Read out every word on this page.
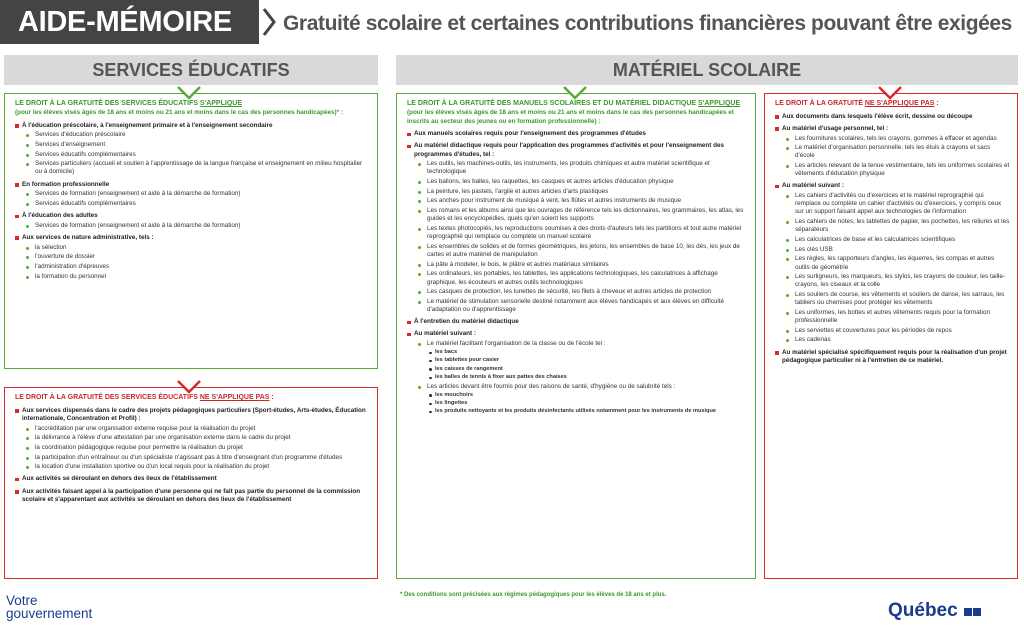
AIDE-MÉMOIRE	Gratuité scolaire et certaines contributions financières pouvant être exigées
SERVICES ÉDUCATIFS	MATÉRIEL SCOLAIRE
LE DROIT À LA GRATUITÉ DES SERVICES ÉDUCATIFS S'APPLIQUE
(pour les élèves visés âgés de 18 ans et moins ou 21 ans et moins dans le cas des personnes handicapées)* :
À l'éducation préscolaire, à l'enseignement primaire et à l'enseignement secondaire
Services d'éducation préscolaire
Services d'enseignement
Services éducatifs complémentaires
Services particuliers (accueil et soutien à l'apprentissage de la langue française et enseignement en milieu hospitalier ou à domicile)
En formation professionnelle
Services de formation (enseignement et aide à la démarche de formation)
Services éducatifs complémentaires
À l'éducation des adultes
Services de formation (enseignement et aide à la démarche de formation)
Aux services de nature administrative, tels :
la sélection
l'ouverture de dossier
l'administration d'épreuves
la formation du personnel
LE DROIT À LA GRATUITÉ DES SERVICES ÉDUCATIFS NE S'APPLIQUE PAS :
Aux services dispensés dans le cadre des projets pédagogiques particuliers (Sport-études, Arts-études, Éducation internationale, Concentration et Profil) :
l'accréditation par une organisation externe requise pour la réalisation du projet
la délivrance à l'élève d'une attestation par une organisation externe dans le cadre du projet
la coordination pédagogique requise pour permettre la réalisation du projet
la participation d'un entraîneur ou d'un spécialiste n'agissant pas à titre d'enseignant d'un programme d'études
la location d'une installation sportive ou d'un local requis pour la réalisation du projet
Aux activités se déroulant en dehors des lieux de l'établissement
Aux activités faisant appel à la participation d'une personne qui ne fait pas partie du personnel de la commission scolaire et s'apparentant aux activités se déroulant en dehors des lieux de l'établissement
LE DROIT À LA GRATUITÉ DES MANUELS SCOLAIRES ET DU MATÉRIEL DIDACTIQUE S'APPLIQUE (pour les élèves visés âgés de 18 ans et moins ou 21 ans et moins dans le cas des personnes handicapées et inscrits au secteur des jeunes ou en formation professionnelle) :
Aux manuels scolaires requis pour l'enseignement des programmes d'études
Au matériel didactique requis pour l'application des programmes d'activités et pour l'enseignement des programmes d'études, tel :
Les outils, les machines-outils, les instruments, les produits chimiques et autre matériel scientifique et technologique
Les ballons, les balles, les raquettes, les casques et autres articles d'éducation physique
La peinture, les pastels, l'argile et autres articles d'arts plastiques
Les anches pour instrument de musique à vent, les flûtes et autres instruments de musique
Les romans et les albums ainsi que les ouvrages de référence tels les dictionnaires, les grammaires, les atlas, les guides et les encyclopédies, quels qu'en soient les supports
Les textes photocopiés, les reproductions soumises à des droits d'auteurs tels les partitions et tout autre matériel reprographié qui remplace ou complète un manuel scolaire
Les ensembles de solides et de formes géométriques, les jetons, les ensembles de base 10, les dés, les jeux de cartes et autre matériel de manipulation
La pâte à modeler, le bois, le plâtre et autres matériaux similaires
Les ordinateurs, les portables, les tablettes, les applications technologiques, les calculatrices à affichage graphique, les écouteurs et autres outils technologiques
Les casques de protection, les lunettes de sécurité, les filets à cheveux et autres articles de protection
Le matériel de stimulation sensorielle destiné notamment aux élèves handicapés et aux élèves en difficulté d'adaptation ou d'apprentissage
À l'entretien du matériel didactique
Au matériel suivant :
Le matériel facilitant l'organisation de la classe ou de l'école tel :
les bacs
les tablettes pour casier
les caisses de rangement
les balles de tennis à fixer aux pattes des chaises
Les articles devant être fournis pour des raisons de santé, d'hygiène ou de salubrité tels :
les mouchoirs
les lingettes
les produits nettoyants et les produits désinfectants utilisés notamment pour les instruments de musique
LE DROIT À LA GRATUITÉ NE S'APPLIQUE PAS :
Aux documents dans lesquels l'élève écrit, dessine ou découpe
Au matériel d'usage personnel, tel :
Les fournitures scolaires, tels les crayons, gommes à effacer et agendas
Le matériel d'organisation personnelle, tels les étuis à crayons et sacs d'école
Les articles relevant de la tenue vestimentaire, tels les uniformes scolaires et vêtements d'éducation physique
Au matériel suivant :
Les cahiers d'activités ou d'exercices et le matériel reprographié qui remplace ou complète un cahier d'activités ou d'exercices, y compris ceux sur un support faisant appel aux technologies de l'information
Les cahiers de notes, les tablettes de papier, les pochettes, les reliures et les séparateurs
Les calculatrices de base et les calculatrices scientifiques
Les clés USB
Les règles, les rapporteurs d'angles, les équerres, les compas et autres outils de géométrie
Les surligneurs, les marqueurs, les stylos, les crayons de couleur, les taille-crayons, les ciseaux et la colle
Les souliers de course, les vêtements et souliers de danse, les sarraus, les tabliers ou chemises pour protéger les vêtements
Les uniformes, les bottes et autres vêtements requis pour la formation professionnelle
Les serviettes et couvertures pour les périodes de repos
Les cadenas
Au matériel spécialisé spécifiquement requis pour la réalisation d'un projet pédagogique particulier ni à l'entretien de ce matériel.
* Des conditions sont précisées aux régimes pédagogiques pour les élèves de 18 ans et plus.
Votre
gouvernement	Québec
